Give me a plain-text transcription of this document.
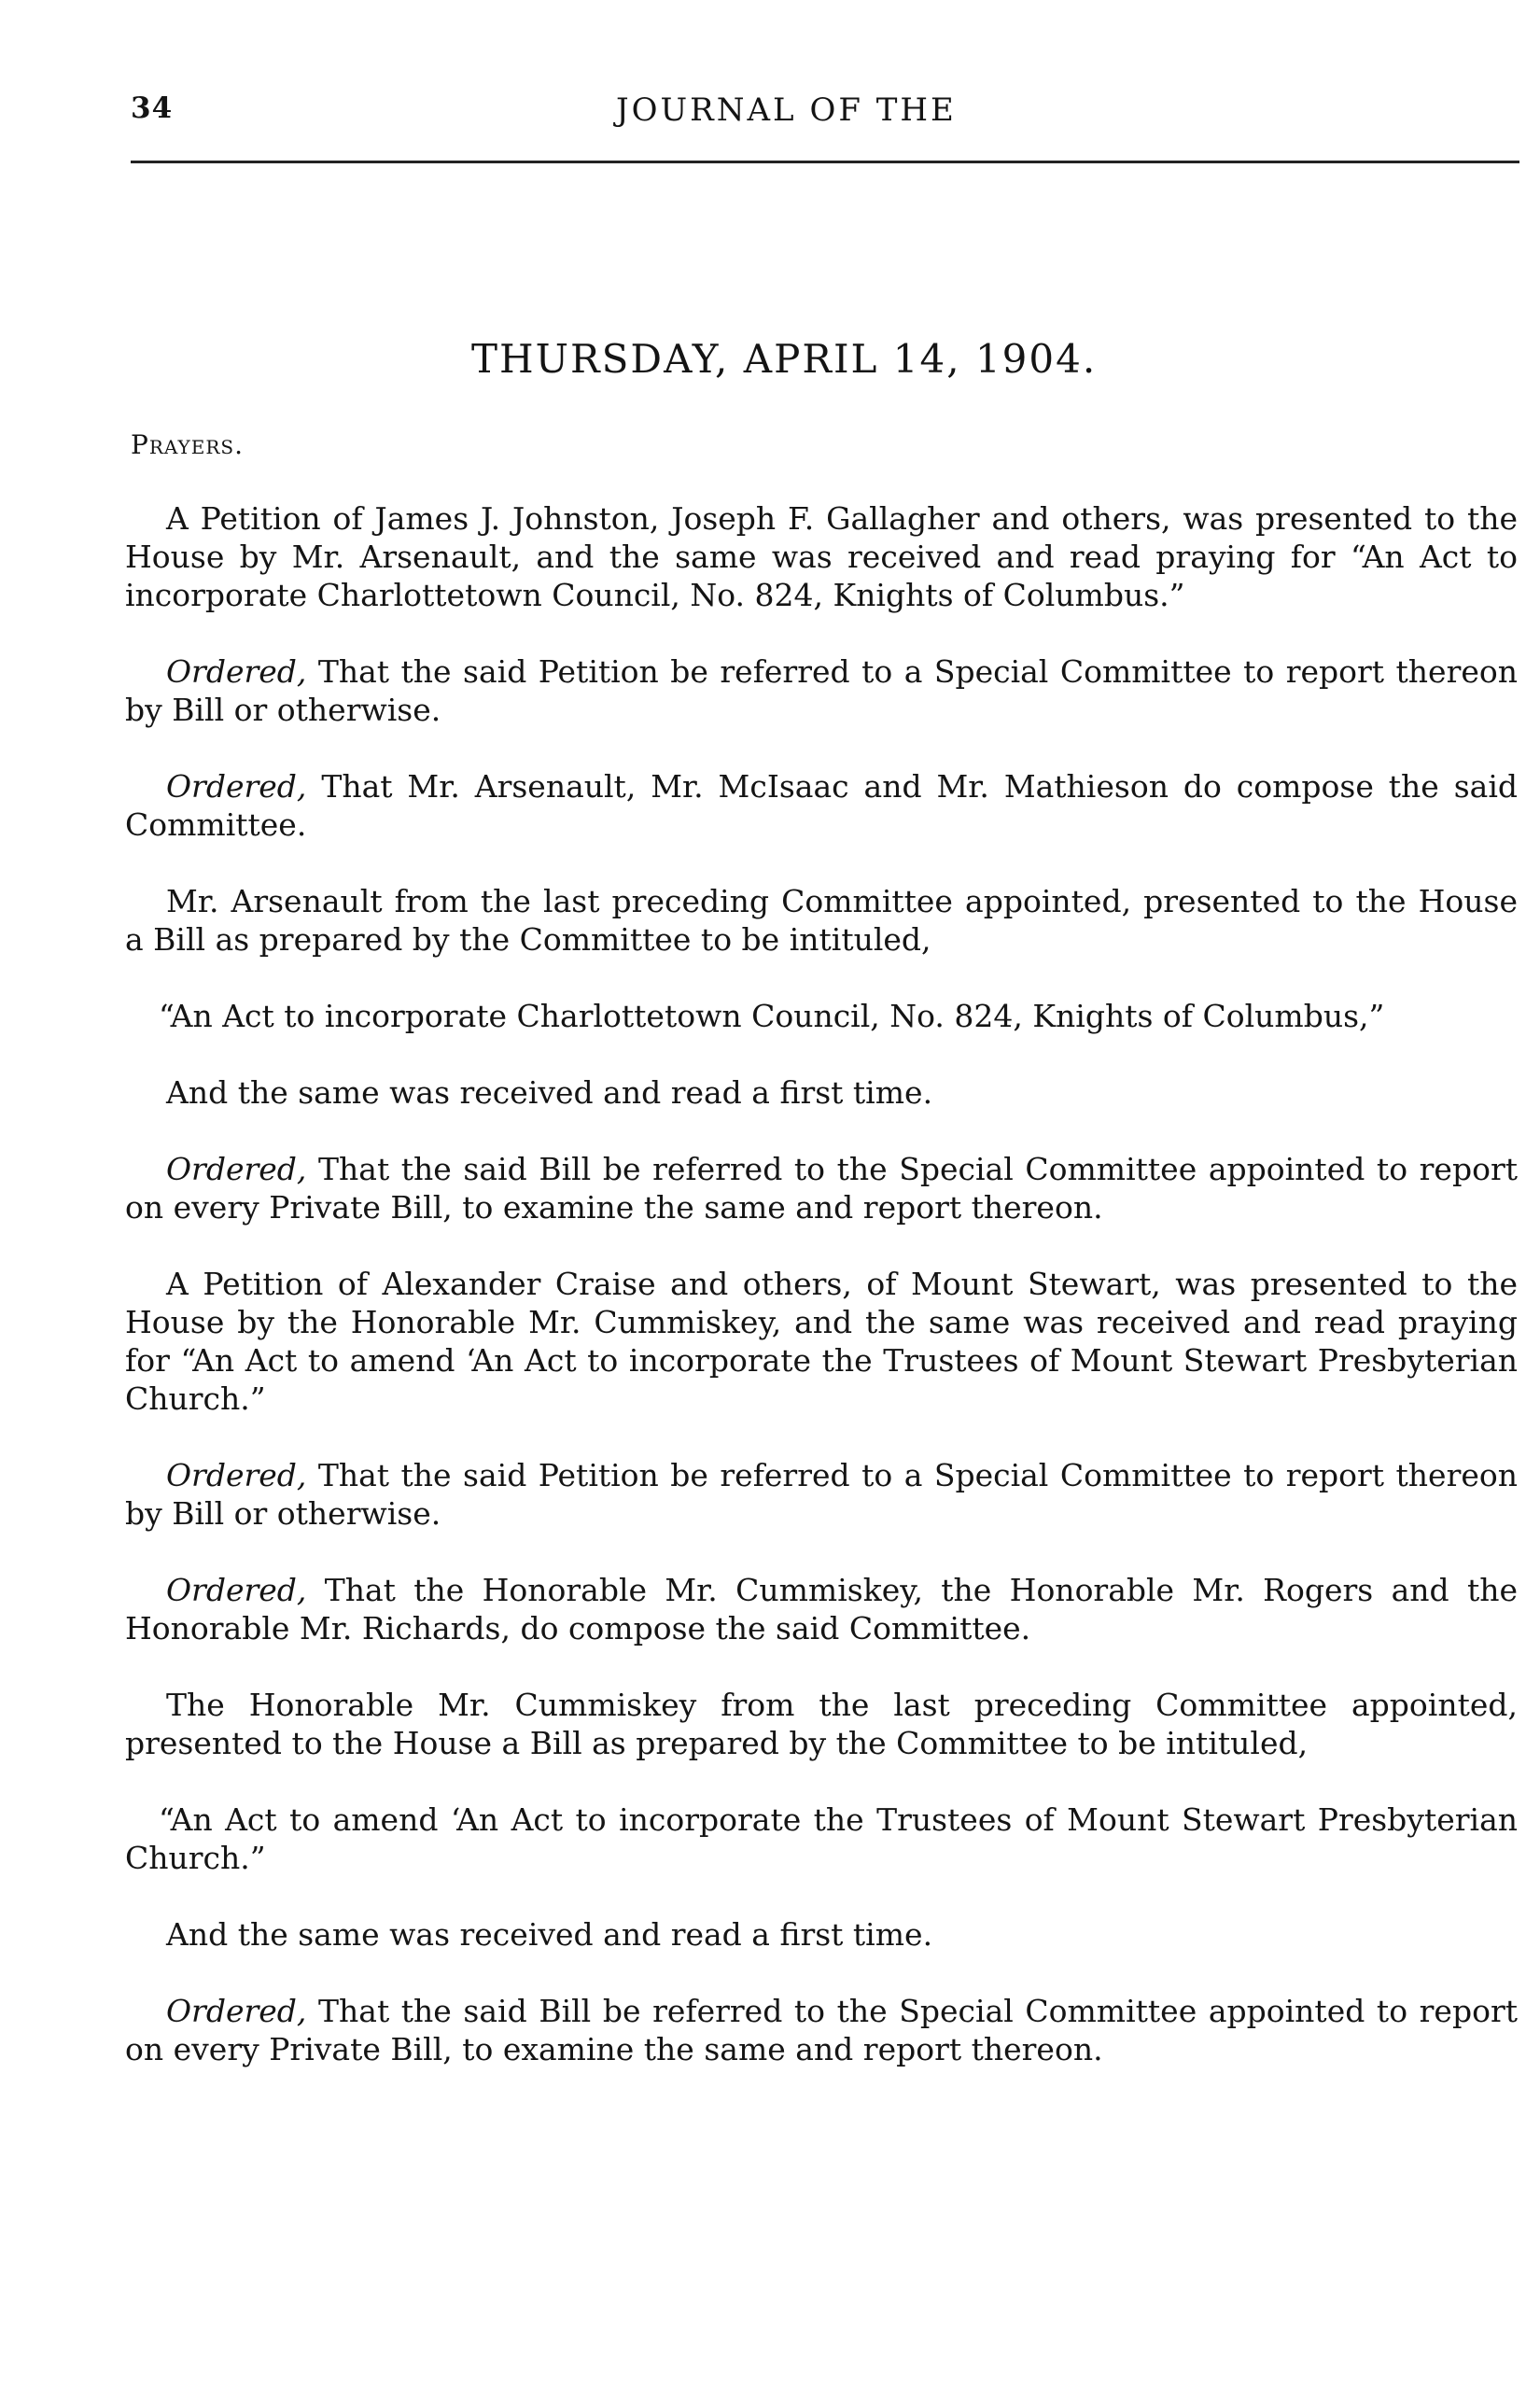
34	JOURNAL OF THE
THURSDAY, APRIL 14, 1904.
Prayers.

A Petition of James J. Johnston, Joseph F. Gallagher and others, was presented to the House by Mr. Arsenault, and the same was received and read praying for “An Act to incorporate Charlottetown Council, No. 824, Knights of Columbus.”

Ordered, That the said Petition be referred to a Special Committee to report thereon by Bill or otherwise.

Ordered, That Mr. Arsenault, Mr. McIsaac and Mr. Mathieson do compose the said Committee.

Mr. Arsenault from the last preceding Committee appointed, presented to the House a Bill as prepared by the Committee to be intituled,

“An Act to incorporate Charlottetown Council, No. 824, Knights of Columbus,”

And the same was received and read a first time.

Ordered, That the said Bill be referred to the Special Committee appointed to report on every Private Bill, to examine the same and report thereon.

A Petition of Alexander Craise and others, of Mount Stewart, was presented to the House by the Honorable Mr. Cummiskey, and the same was received and read praying for “An Act to amend ‘An Act to incorporate the Trustees of Mount Stewart Presbyterian Church.”

Ordered, That the said Petition be referred to a Special Committee to report thereon by Bill or otherwise.

Ordered, That the Honorable Mr. Cummiskey, the Honorable Mr. Rogers and the Honorable Mr. Richards, do compose the said Committee.

The Honorable Mr. Cummiskey from the last preceding Committee appointed, presented to the House a Bill as prepared by the Committee to be intituled,

“An Act to amend ‘An Act to incorporate the Trustees of Mount Stewart Presbyterian Church.”

And the same was received and read a first time.

Ordered, That the said Bill be referred to the Special Committee appointed to report on every Private Bill, to examine the same and report thereon.
